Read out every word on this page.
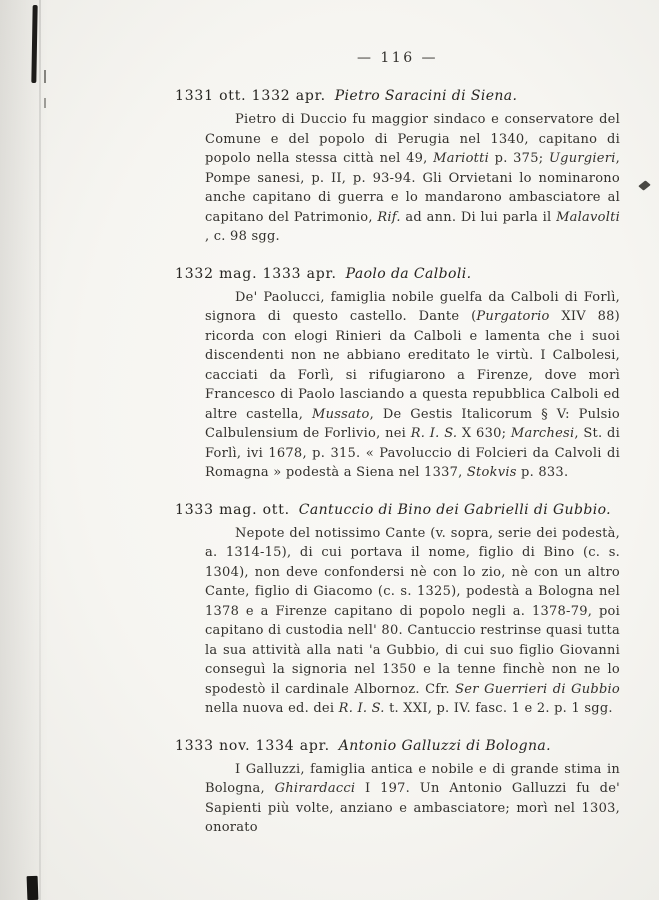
— 116 —
1331 ott. 1332 apr. Pietro Saracini di Siena.

Pietro di Duccio fu maggior sindaco e conservatore del Comune e del popolo di Perugia nel 1340, capitano di popolo nella stessa città nel 49, Mariotti p. 375; Ugurgieri, Pompe sanesi, p. II, p. 93-94. Gli Orvietani lo nominarono anche capitano di guerra e lo mandarono ambasciatore al capitano del Patrimonio, Rif. ad ann. Di lui parla il Malavolti , c. 98 sgg.

1332 mag. 1333 apr. Paolo da Calboli.

De' Paolucci, famiglia nobile guelfa da Calboli di Forlì, signora di questo castello. Dante (Purgatorio XIV 88) ricorda con elogi Rinieri da Calboli e lamenta che i suoi discendenti non ne abbiano ereditato le virtù. I Calbolesi, cacciati da Forlì, si rifugiarono a Firenze, dove morì Francesco di Paolo lasciando a questa repubblica Calboli ed altre castella, Mussato, De Gestis Italicorum § V: Pulsio Calbulensium de Forlivio, nei R. I. S. X 630; Marchesi, St. di Forlì, ivi 1678, p. 315. « Pavoluccio di Folcieri da Calvoli di Romagna » podestà a Siena nel 1337, Stokvis p. 833.

1333 mag. ott. Cantuccio di Bino dei Gabrielli di Gubbio.

Nepote del notissimo Cante (v. sopra, serie dei podestà, a. 1314-15), di cui portava il nome, figlio di Bino (c. s. 1304), non deve confondersi nè con lo zio, nè con un altro Cante, figlio di Giacomo (c. s. 1325), podestà a Bologna nel 1378 e a Firenze capitano di popolo negli a. 1378-79, poi capitano di custodia nell' 80. Cantuccio restrinse quasi tutta la sua attività alla nati 'a Gubbio, di cui suo figlio Giovanni conseguì la signoria nel 1350 e la tenne finchè non ne lo spodestò il cardinale Albornoz. Cfr. Ser Guerrieri di Gubbio nella nuova ed. dei R. I. S. t. XXI, p. IV. fasc. 1 e 2. p. 1 sgg.

1333 nov. 1334 apr. Antonio Galluzzi di Bologna.

I Galluzzi, famiglia antica e nobile e di grande stima in Bologna, Ghirardacci I 197. Un Antonio Galluzzi fu de' Sapienti più volte, anziano e ambasciatore; morì nel 1303, onorato
